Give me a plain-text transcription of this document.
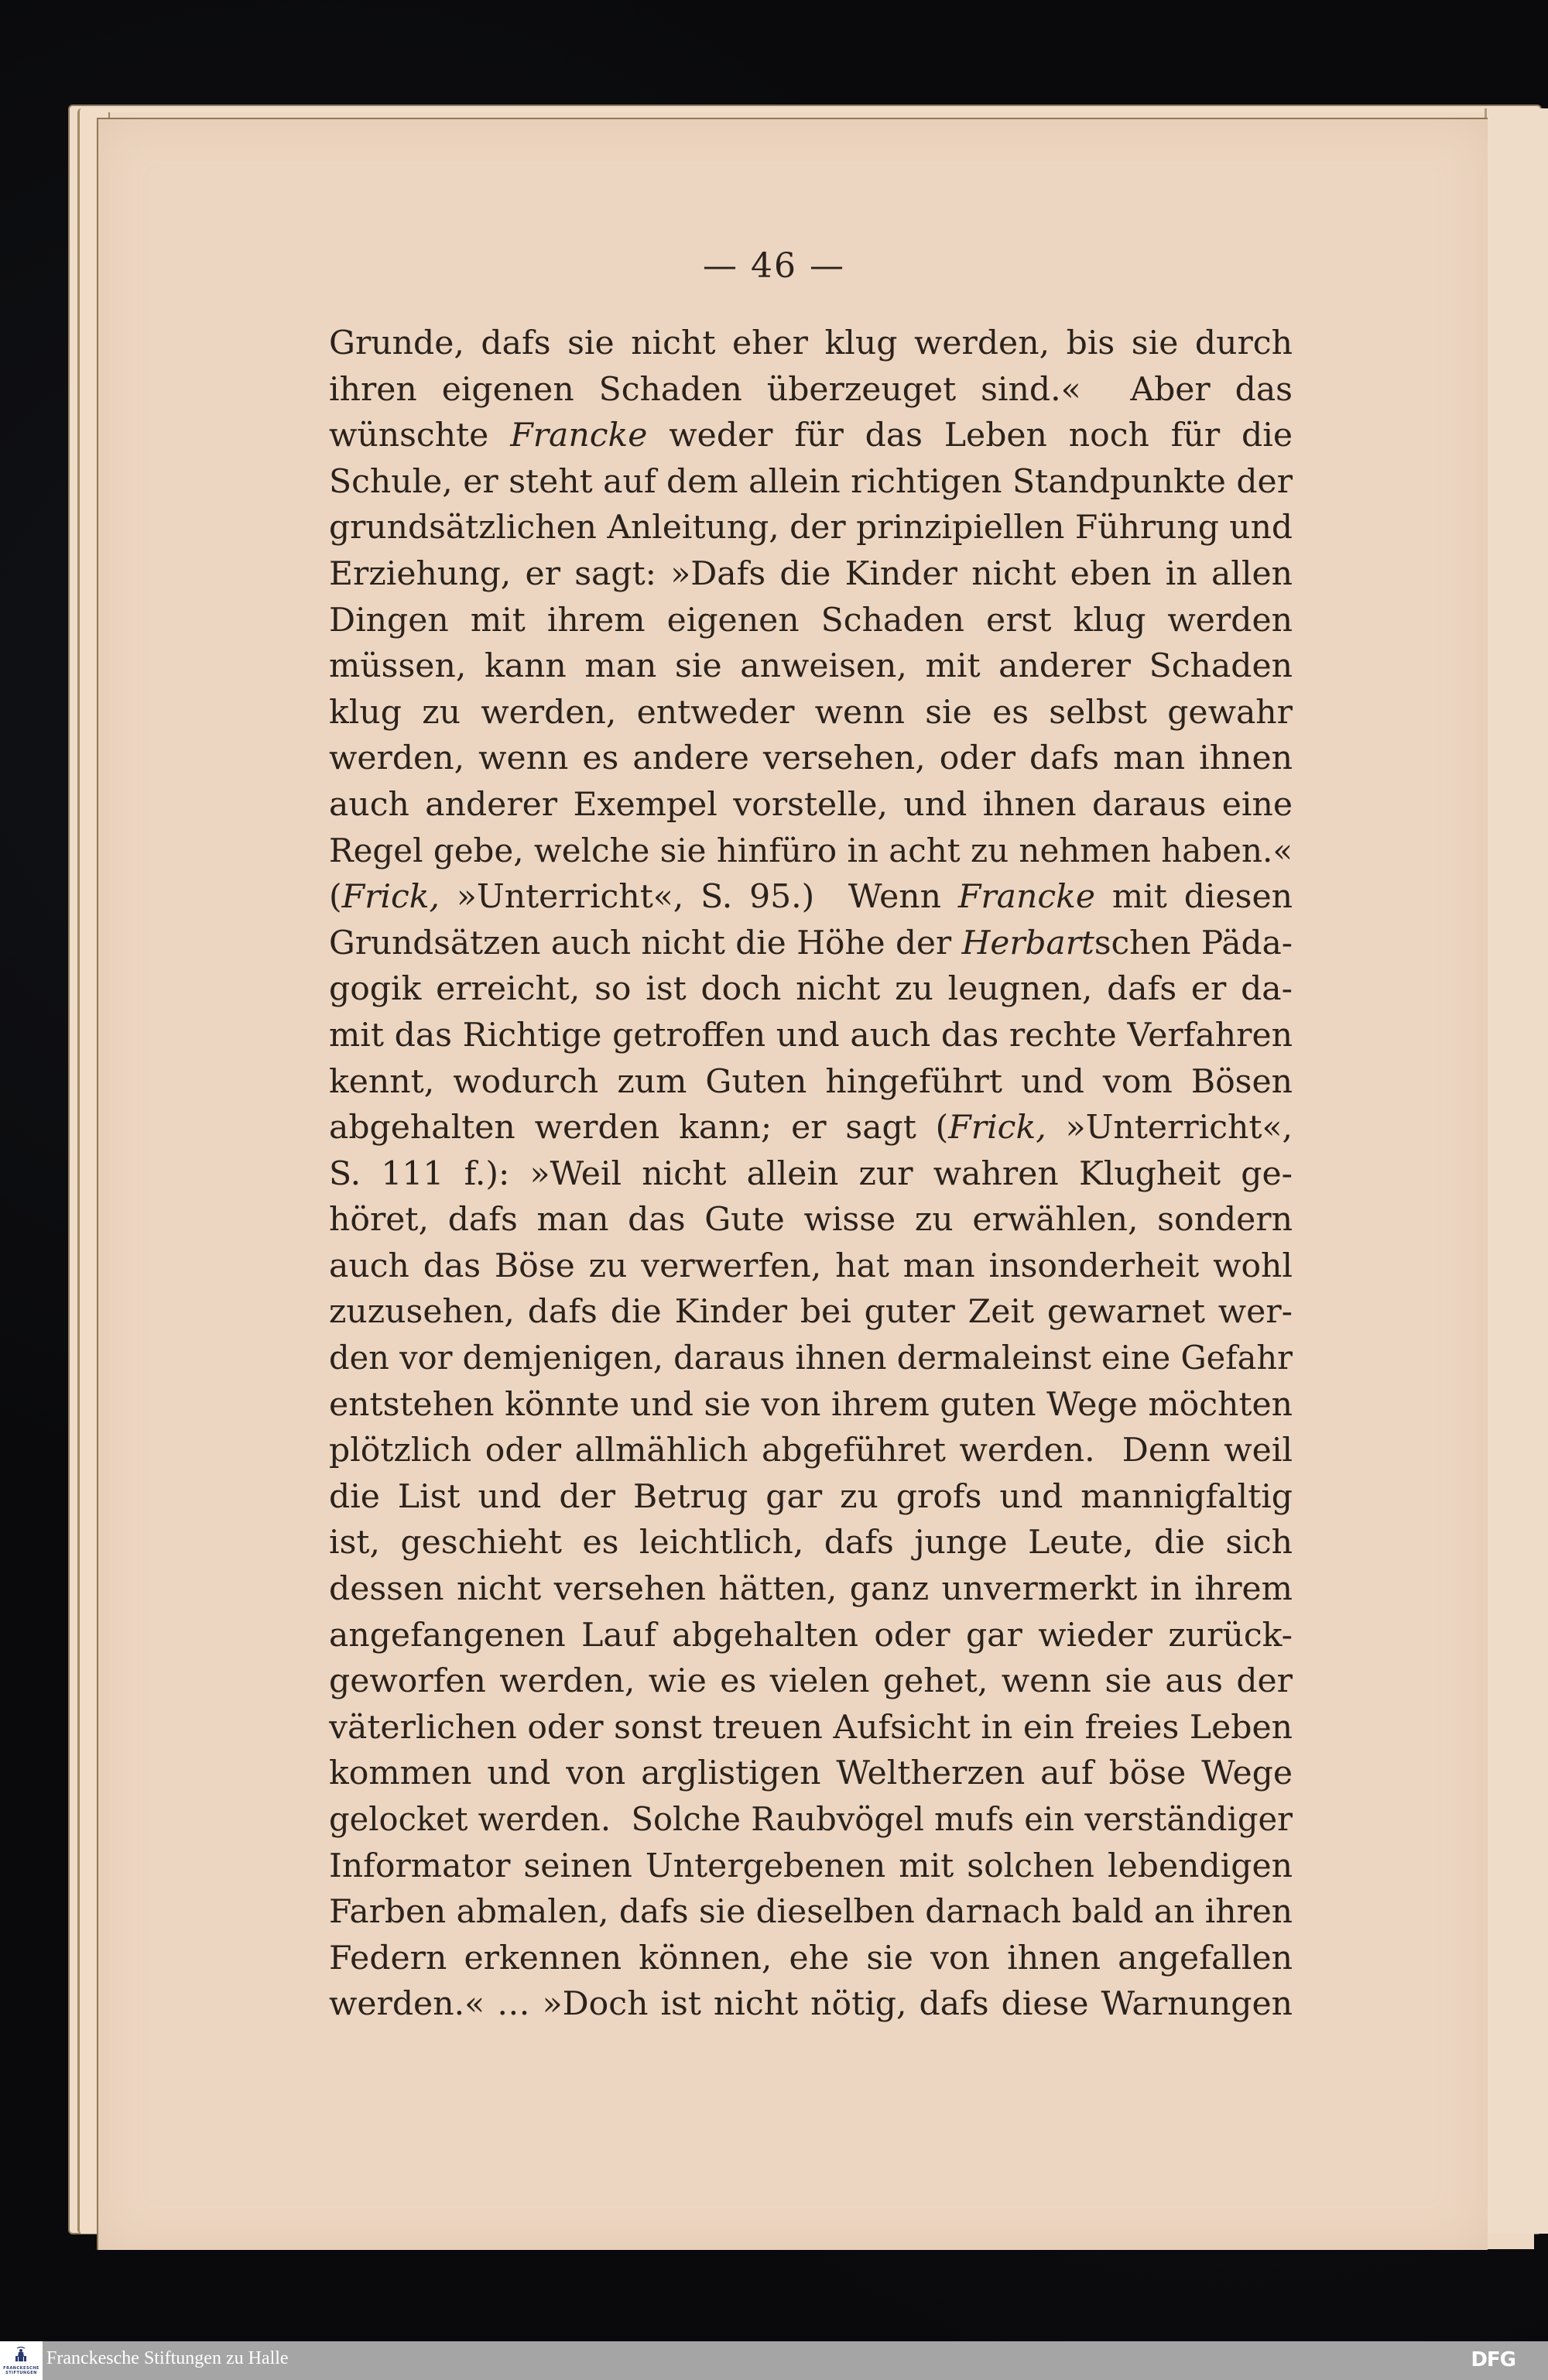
— 46 —
Grunde, dafs sie nicht eher klug werden, bis sie durch
ihren eigenen Schaden überzeuget sind.«  Aber das
wünschte Francke weder für das Leben noch für die
Schule, er steht auf dem allein richtigen Standpunkte der
grundsätzlichen Anleitung, der prinzipiellen Führung und
Erziehung, er sagt: »Dafs die Kinder nicht eben in allen
Dingen mit ihrem eigenen Schaden erst klug werden
müssen, kann man sie anweisen, mit anderer Schaden
klug zu werden, entweder wenn sie es selbst gewahr
werden, wenn es andere versehen, oder dafs man ihnen
auch anderer Exempel vorstelle, und ihnen daraus eine
Regel gebe, welche sie hinfüro in acht zu nehmen haben.«
(Frick, »Unterricht«, S. 95.)  Wenn Francke mit diesen
Grundsätzen auch nicht die Höhe der Herbartschen Päda-
gogik erreicht, so ist doch nicht zu leugnen, dafs er da-
mit das Richtige getroffen und auch das rechte Verfahren
kennt, wodurch zum Guten hingeführt und vom Bösen
abgehalten werden kann; er sagt (Frick, »Unterricht«,
S. 111 f.): »Weil nicht allein zur wahren Klugheit ge-
höret, dafs man das Gute wisse zu erwählen, sondern
auch das Böse zu verwerfen, hat man insonderheit wohl
zuzusehen, dafs die Kinder bei guter Zeit gewarnet wer-
den vor demjenigen, daraus ihnen dermaleinst eine Gefahr
entstehen könnte und sie von ihrem guten Wege möchten
plötzlich oder allmählich abgeführet werden.  Denn weil
die List und der Betrug gar zu grofs und mannigfaltig
ist, geschieht es leichtlich, dafs junge Leute, die sich
dessen nicht versehen hätten, ganz unvermerkt in ihrem
angefangenen Lauf abgehalten oder gar wieder zurück-
geworfen werden, wie es vielen gehet, wenn sie aus der
väterlichen oder sonst treuen Aufsicht in ein freies Leben
kommen und von arglistigen Weltherzen auf böse Wege
gelocket werden.  Solche Raubvögel mufs ein verständiger
Informator seinen Untergebenen mit solchen lebendigen
Farben abmalen, dafs sie dieselben darnach bald an ihren
Federn erkennen können, ehe sie von ihnen angefallen
werden.« … »Doch ist nicht nötig, dafs diese Warnungen
FRANCKESCHE
STIFTUNGEN
Franckesche Stiftungen zu Halle	DFG
